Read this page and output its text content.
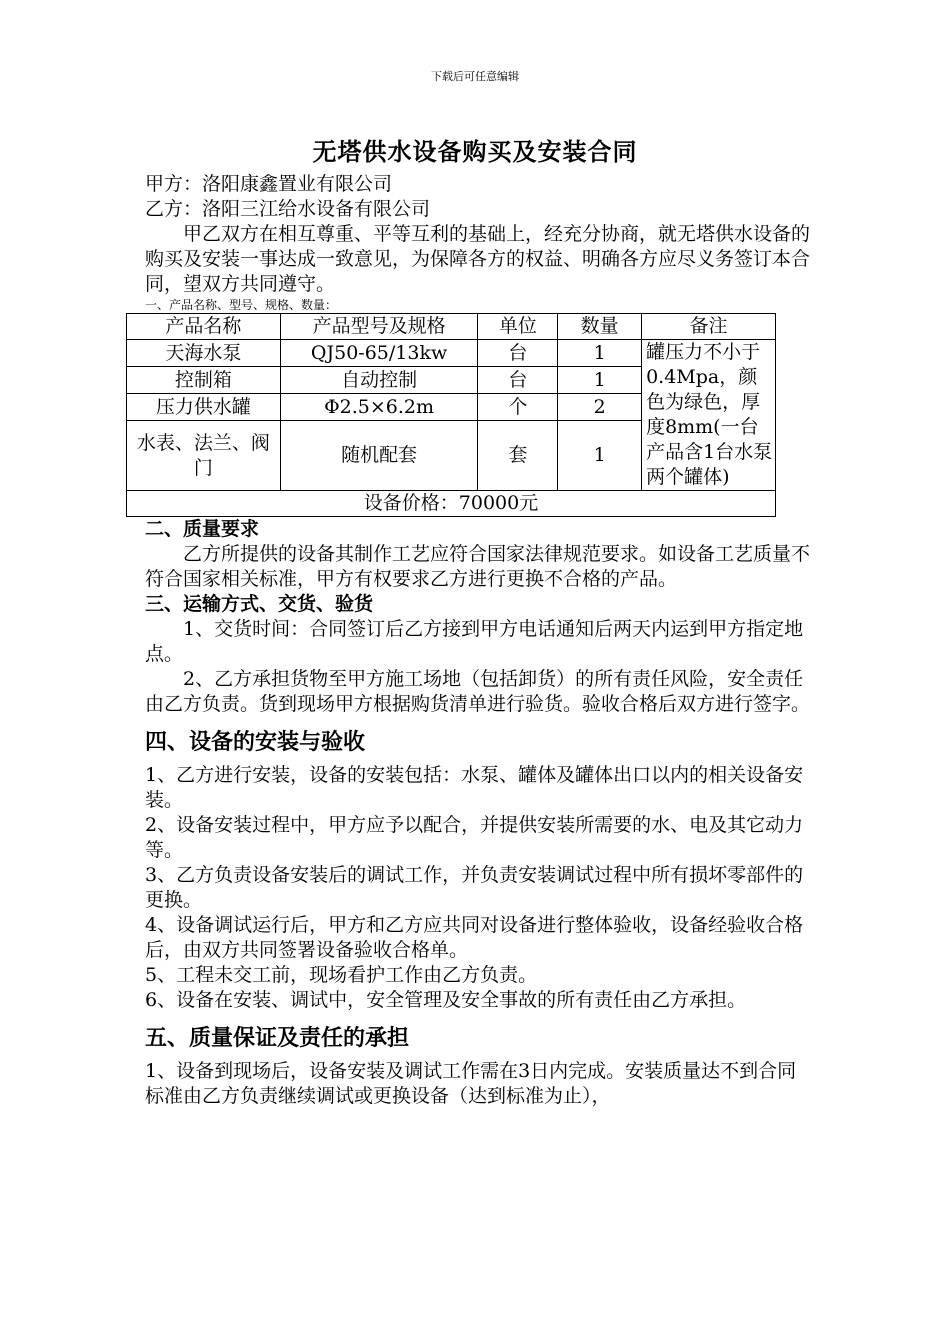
下载后可任意编辑
无塔供水设备购买及安装合同

甲方：洛阳康鑫置业有限公司

乙方：洛阳三江给水设备有限公司

甲乙双方在相互尊重、平等互利的基础上，经充分协商，就无塔供水设备的购买及安装一事达成一致意见，为保障各方的权益、明确各方应尽义务签订本合同，望双方共同遵守。

一、产品名称、型号、规格、数量：

产品名称	产品型号及规格	单位	数量	备注
天海水泵	QJ50-65/13kw	台	1	罐压力不小于0.4Mpa，颜色为绿色，厚度8mm(一台产品含1台水泵两个罐体)
控制箱	自动控制	台	1	
压力供水罐	Φ2.5×6.2m	个	2	
水表、法兰、阀门	随机配套	套	1	
设备价格：70000元				

二、质量要求

乙方所提供的设备其制作工艺应符合国家法律规范要求。如设备工艺质量不符合国家相关标准，甲方有权要求乙方进行更换不合格的产品。

三、运输方式、交货、验货

1、交货时间：合同签订后乙方接到甲方电话通知后两天内运到甲方指定地点。

2、乙方承担货物至甲方施工场地（包括卸货）的所有责任风险，安全责任由乙方负责。货到现场甲方根据购货清单进行验货。验收合格后双方进行签字。

四、设备的安装与验收

1、乙方进行安装，设备的安装包括：水泵、罐体及罐体出口以内的相关设备安装。

2、设备安装过程中，甲方应予以配合，并提供安装所需要的水、电及其它动力等。

3、乙方负责设备安装后的调试工作，并负责安装调试过程中所有损坏零部件的更换。

4、设备调试运行后，甲方和乙方应共同对设备进行整体验收，设备经验收合格后，由双方共同签署设备验收合格单。

5、工程未交工前，现场看护工作由乙方负责。

6、设备在安装、调试中，安全管理及安全事故的所有责任由乙方承担。

五、质量保证及责任的承担

1、设备到现场后，设备安装及调试工作需在3日内完成。安装质量达不到合同标准由乙方负责继续调试或更换设备（达到标准为止），
